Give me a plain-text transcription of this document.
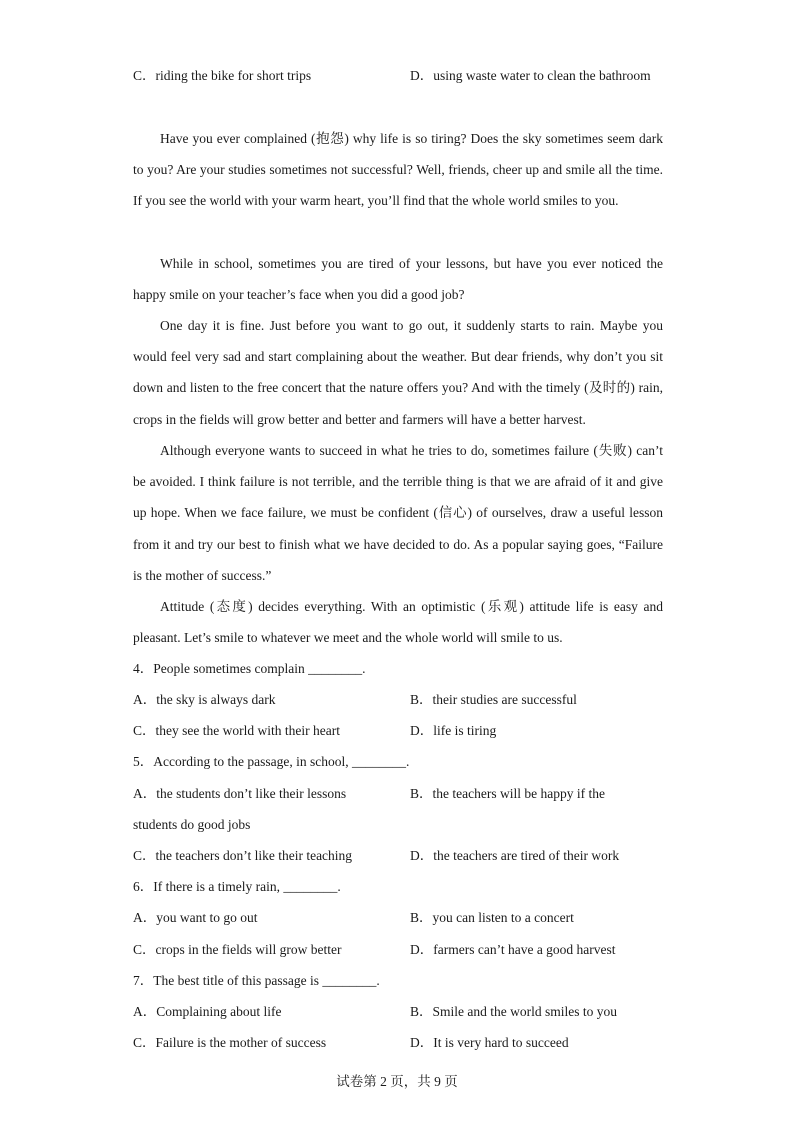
C．riding the bike for short trips	D．using waste water to clean the bathroom

Have you ever complained (抱怨) why life is so tiring? Does the sky sometimes seem dark to you? Are your studies sometimes not successful? Well, friends, cheer up and smile all the time. If you see the world with your warm heart, you’ll find that the whole world smiles to you.

While in school, sometimes you are tired of your lessons, but have you ever noticed the happy smile on your teacher’s face when you did a good job?

One day it is fine. Just before you want to go out, it suddenly starts to rain. Maybe you would feel very sad and start complaining about the weather. But dear friends, why don’t you sit down and listen to the free concert that the nature offers you? And with the timely (及时的) rain, crops in the fields will grow better and better and farmers will have a better harvest.

Although everyone wants to succeed in what he tries to do, sometimes failure (失败) can’t be avoided. I think failure is not terrible, and the terrible thing is that we are afraid of it and give up hope. When we face failure, we must be confident (信心) of ourselves, draw a useful lesson from it and try our best to finish what we have decided to do. As a popular saying goes, “Failure is the mother of success.”

Attitude (态度) decides everything. With an optimistic (乐观) attitude life is easy and pleasant. Let’s smile to whatever we meet and the whole world will smile to us.

4．People sometimes complain ________.
A．the sky is always dark	B．their studies are successful
C．they see the world with their heart	D．life is tiring
5．According to the passage, in school, ________.
A．the students don’t like their lessons	B．the teachers will be happy if the
students do good jobs
C．the teachers don’t like their teaching	D．the teachers are tired of their work
6．If there is a timely rain, ________.
A．you want to go out	B．you can listen to a concert
C．crops in the fields will grow better	D．farmers can’t have a good harvest
7．The best title of this passage is ________.
A．Complaining about life	B．Smile and the world smiles to you
C．Failure is the mother of success	D．It is very hard to succeed
试卷第 2 页，共 9 页
